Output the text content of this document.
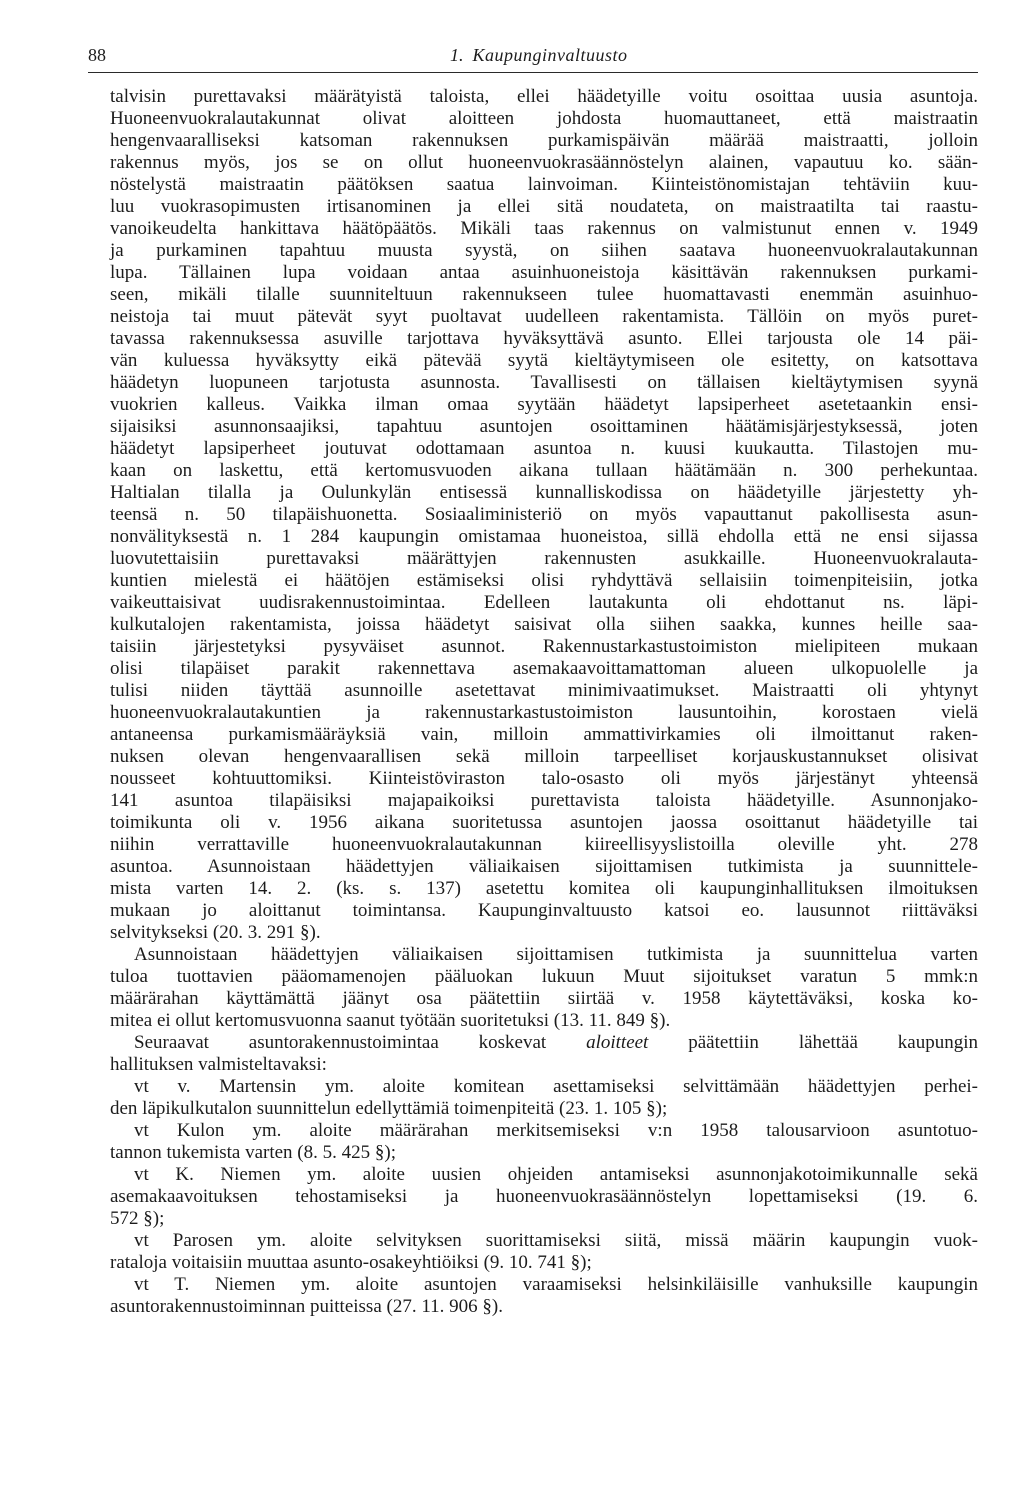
88	1. Kaupunginvaltuusto
talvisin purettavaksi määrätyistä taloista, ellei häädetyille voitu osoittaa uusia asuntoja.
Huoneenvuokralautakunnat olivat aloitteen johdosta huomauttaneet, että maistraatin
hengenvaaralliseksi katsoman rakennuksen purkamispäivän määrää maistraatti, jolloin
rakennus myös, jos se on ollut huoneenvuokrasäännöstelyn alainen, vapautuu ko. sään-
nöstelystä maistraatin päätöksen saatua lainvoiman. Kiinteistönomistajan tehtäviin kuu-
luu vuokrasopimusten irtisanominen ja ellei sitä noudateta, on maistraatilta tai raastu-
vanoikeudelta hankittava häätöpäätös. Mikäli taas rakennus on valmistunut ennen v. 1949
ja purkaminen tapahtuu muusta syystä, on siihen saatava huoneenvuokralautakunnan
lupa. Tällainen lupa voidaan antaa asuinhuoneistoja käsittävän rakennuksen purkami-
seen, mikäli tilalle suunniteltuun rakennukseen tulee huomattavasti enemmän asuinhuo-
neistoja tai muut pätevät syyt puoltavat uudelleen rakentamista. Tällöin on myös puret-
tavassa rakennuksessa asuville tarjottava hyväksyttävä asunto. Ellei tarjousta ole 14 päi-
vän kuluessa hyväksytty eikä pätevää syytä kieltäytymiseen ole esitetty, on katsottava
häädetyn luopuneen tarjotusta asunnosta. Tavallisesti on tällaisen kieltäytymisen syynä
vuokrien kalleus. Vaikka ilman omaa syytään häädetyt lapsiperheet asetetaankin ensi-
sijaisiksi asunnonsaajiksi, tapahtuu asuntojen osoittaminen häätämisjärjestyksessä, joten
häädetyt lapsiperheet joutuvat odottamaan asuntoa n. kuusi kuukautta. Tilastojen mu-
kaan on laskettu, että kertomusvuoden aikana tullaan häätämään n. 300 perhekuntaa.
Haltialan tilalla ja Oulunkylän entisessä kunnalliskodissa on häädetyille järjestetty yh-
teensä n. 50 tilapäishuonetta. Sosiaaliministeriö on myös vapauttanut pakollisesta asun-
nonvälityksestä n. 1 284 kaupungin omistamaa huoneistoa, sillä ehdolla että ne ensi sijassa
luovutettaisiin purettavaksi määrättyjen rakennusten asukkaille. Huoneenvuokralauta-
kuntien mielestä ei häätöjen estämiseksi olisi ryhdyttävä sellaisiin toimenpiteisiin, jotka
vaikeuttaisivat uudisrakennustoimintaa. Edelleen lautakunta oli ehdottanut ns. läpi-
kulkutalojen rakentamista, joissa häädetyt saisivat olla siihen saakka, kunnes heille saa-
taisiin järjestetyksi pysyväiset asunnot. Rakennustarkastustoimiston mielipiteen mukaan
olisi tilapäiset parakit rakennettava asemakaavoittamattoman alueen ulkopuolelle ja
tulisi niiden täyttää asunnoille asetettavat minimivaatimukset. Maistraatti oli yhtynyt
huoneenvuokralautakuntien ja rakennustarkastustoimiston lausuntoihin, korostaen vielä
antaneensa purkamismääräyksiä vain, milloin ammattivirkamies oli ilmoittanut raken-
nuksen olevan hengenvaarallisen sekä milloin tarpeelliset korjauskustannukset olisivat
nousseet kohtuuttomiksi. Kiinteistöviraston talo-osasto oli myös järjestänyt yhteensä
141 asuntoa tilapäisiksi majapaikoiksi purettavista taloista häädetyille. Asunnonjako-
toimikunta oli v. 1956 aikana suoritetussa asuntojen jaossa osoittanut häädetyille tai
niihin verrattaville huoneenvuokralautakunnan kiireellisyyslistoilla oleville yht. 278
asuntoa. Asunnoistaan häädettyjen väliaikaisen sijoittamisen tutkimista ja suunnittele-
mista varten 14. 2. (ks. s. 137) asetettu komitea oli kaupunginhallituksen ilmoituksen
mukaan jo aloittanut toimintansa. Kaupunginvaltuusto katsoi eo. lausunnot riittäväksi
selvitykseksi (20. 3. 291 §).
Asunnoistaan häädettyjen väliaikaisen sijoittamisen tutkimista ja suunnittelua varten
tuloa tuottavien pääomamenojen pääluokan lukuun Muut sijoitukset varatun 5 mmk:n
määrärahan käyttämättä jäänyt osa päätettiin siirtää v. 1958 käytettäväksi, koska ko-
mitea ei ollut kertomusvuonna saanut työtään suoritetuksi (13. 11. 849 §).
Seuraavat asuntorakennustoimintaa koskevat aloitteet päätettiin lähettää kaupungin
hallituksen valmisteltavaksi:
vt v. Martensin ym. aloite komitean asettamiseksi selvittämään häädettyjen perhei-
den läpikulkutalon suunnittelun edellyttämiä toimenpiteitä (23. 1. 105 §);
vt Kulon ym. aloite määrärahan merkitsemiseksi v:n 1958 talousarvioon asuntotuo-
tannon tukemista varten (8. 5. 425 §);
vt K. Niemen ym. aloite uusien ohjeiden antamiseksi asunnonjakotoimikunnalle sekä
asemakaavoituksen tehostamiseksi ja huoneenvuokrasäännöstelyn lopettamiseksi (19. 6.
572 §);
vt Parosen ym. aloite selvityksen suorittamiseksi siitä, missä määrin kaupungin vuok-
rataloja voitaisiin muuttaa asunto-osakeyhtiöiksi (9. 10. 741 §);
vt T. Niemen ym. aloite asuntojen varaamiseksi helsinkiläisille vanhuksille kaupungin
asuntorakennustoiminnan puitteissa (27. 11. 906 §).
